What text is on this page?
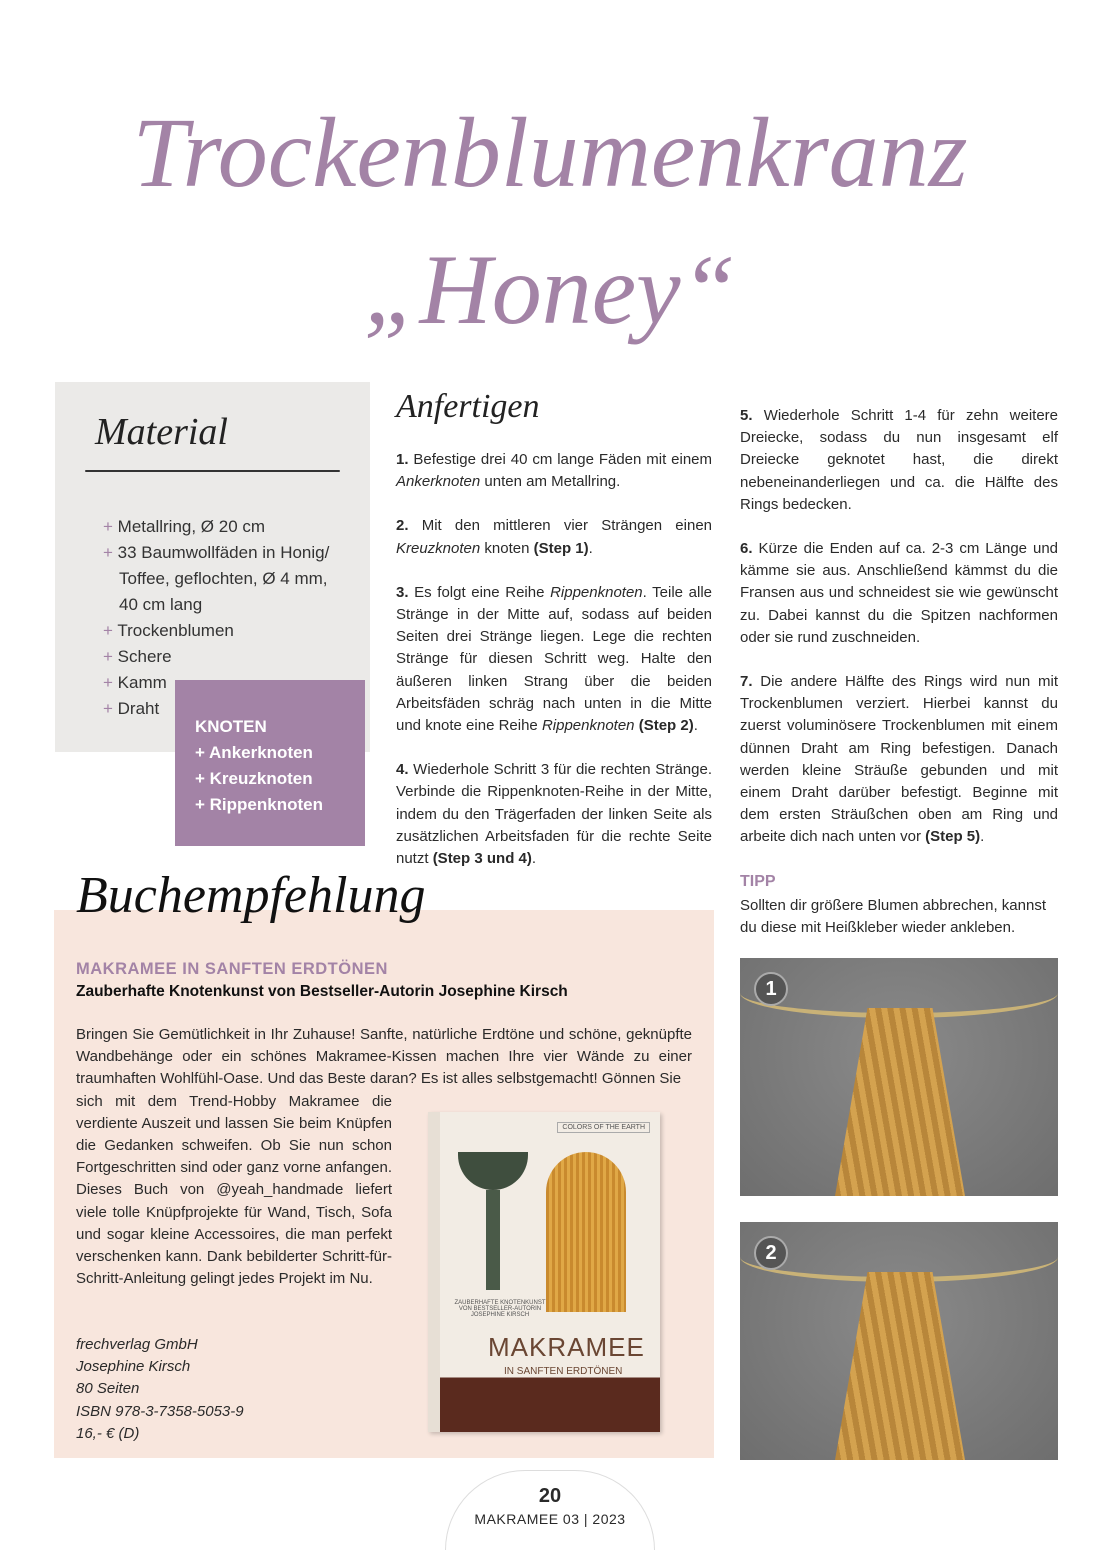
Trockenblumenkranz
„Honey“
Material
+ Metallring, Ø 20 cm
+ 33 Baumwollfäden in Honig/ Toffee, geflochten, Ø 4 mm, 40 cm lang
+ Trockenblumen
+ Schere
+ Kamm
+ Draht
KNOTEN
+ Ankerknoten
+ Kreuzknoten
+ Rippenknoten
Anfertigen

1. Befestige drei 40 cm lange Fäden mit einem Ankerknoten unten am Metallring.

2. Mit den mittleren vier Strängen einen Kreuzknoten knoten (Step 1).

3. Es folgt eine Reihe Rippenknoten. Teile alle Stränge in der Mitte auf, sodass auf beiden Seiten drei Stränge liegen. Lege die rechten Stränge für diesen Schritt weg. Halte den äußeren linken Strang über die beiden Arbeitsfäden schräg nach unten in die Mitte und knote eine Reihe Rippenknoten (Step 2).

4. Wiederhole Schritt 3 für die rechten Stränge. Verbinde die Rippenknoten-Reihe in der Mitte, indem du den Trägerfaden der linken Seite als zusätzlichen Arbeitsfaden für die rechte Seite nutzt (Step 3 und 4).

5. Wiederhole Schritt 1-4 für zehn weitere Dreiecke, sodass du nun insgesamt elf Dreiecke geknotet hast, die direkt nebeneinanderliegen und ca. die Hälfte des Rings bedecken.

6. Kürze die Enden auf ca. 2-3 cm Länge und kämme sie aus. Anschließend kämmst du die Fransen aus und schneidest sie wie gewünscht zu. Dabei kannst du die Spitzen nachformen oder sie rund zuschneiden.

7. Die andere Hälfte des Rings wird nun mit Trockenblumen verziert. Hierbei kannst du zuerst voluminösere Trockenblumen mit einem dünnen Draht am Ring befestigen. Danach werden kleine Sträuße gebunden und mit einem Draht darüber befestigt. Beginne mit dem ersten Sträußchen oben am Ring und arbeite dich nach unten vor (Step 5).

TIPP
Sollten dir größere Blumen abbrechen, kannst du diese mit Heißkleber wieder ankleben.
MAKRAMEE IN SANFTEN ERDTÖNEN
Zauberhafte Knotenkunst von Bestseller-Autorin Josephine Kirsch
Bringen Sie Gemütlichkeit in Ihr Zuhause! Sanfte, natürliche Erdtöne und schöne, geknüpfte Wandbehänge oder ein schönes Makramee-Kissen machen Ihre vier Wände zu einer traumhaften Wohlfühl-Oase. Und das Beste daran? Es ist alles selbstgemacht! Gönnen Sie
sich mit dem Trend-Hobby Makramee die verdiente Auszeit und lassen Sie beim Knüpfen die Gedanken schweifen. Ob Sie nun schon Fortgeschritten sind oder ganz vorne anfangen. Dieses Buch von @yeah_handmade liefert viele tolle Knüpfprojekte für Wand, Tisch, Sofa und sogar kleine Accessoires, die man perfekt verschenken kann. Dank bebilderter Schritt-für-Schritt-Anleitung gelingt jedes Projekt im Nu.
frechverlag GmbH
Josephine Kirsch
80 Seiten
ISBN 978-3-7358-5053-9
16,- € (D)
Buchempfehlung
COLORS OF THE EARTH
ZAUBERHAFTE KNOTENKUNST VON BESTSELLER-AUTORIN JOSEPHINE KIRSCH
MAKRAMEE
IN SANFTEN ERDTÖNEN
1
2
20
MAKRAMEE 03 | 2023
